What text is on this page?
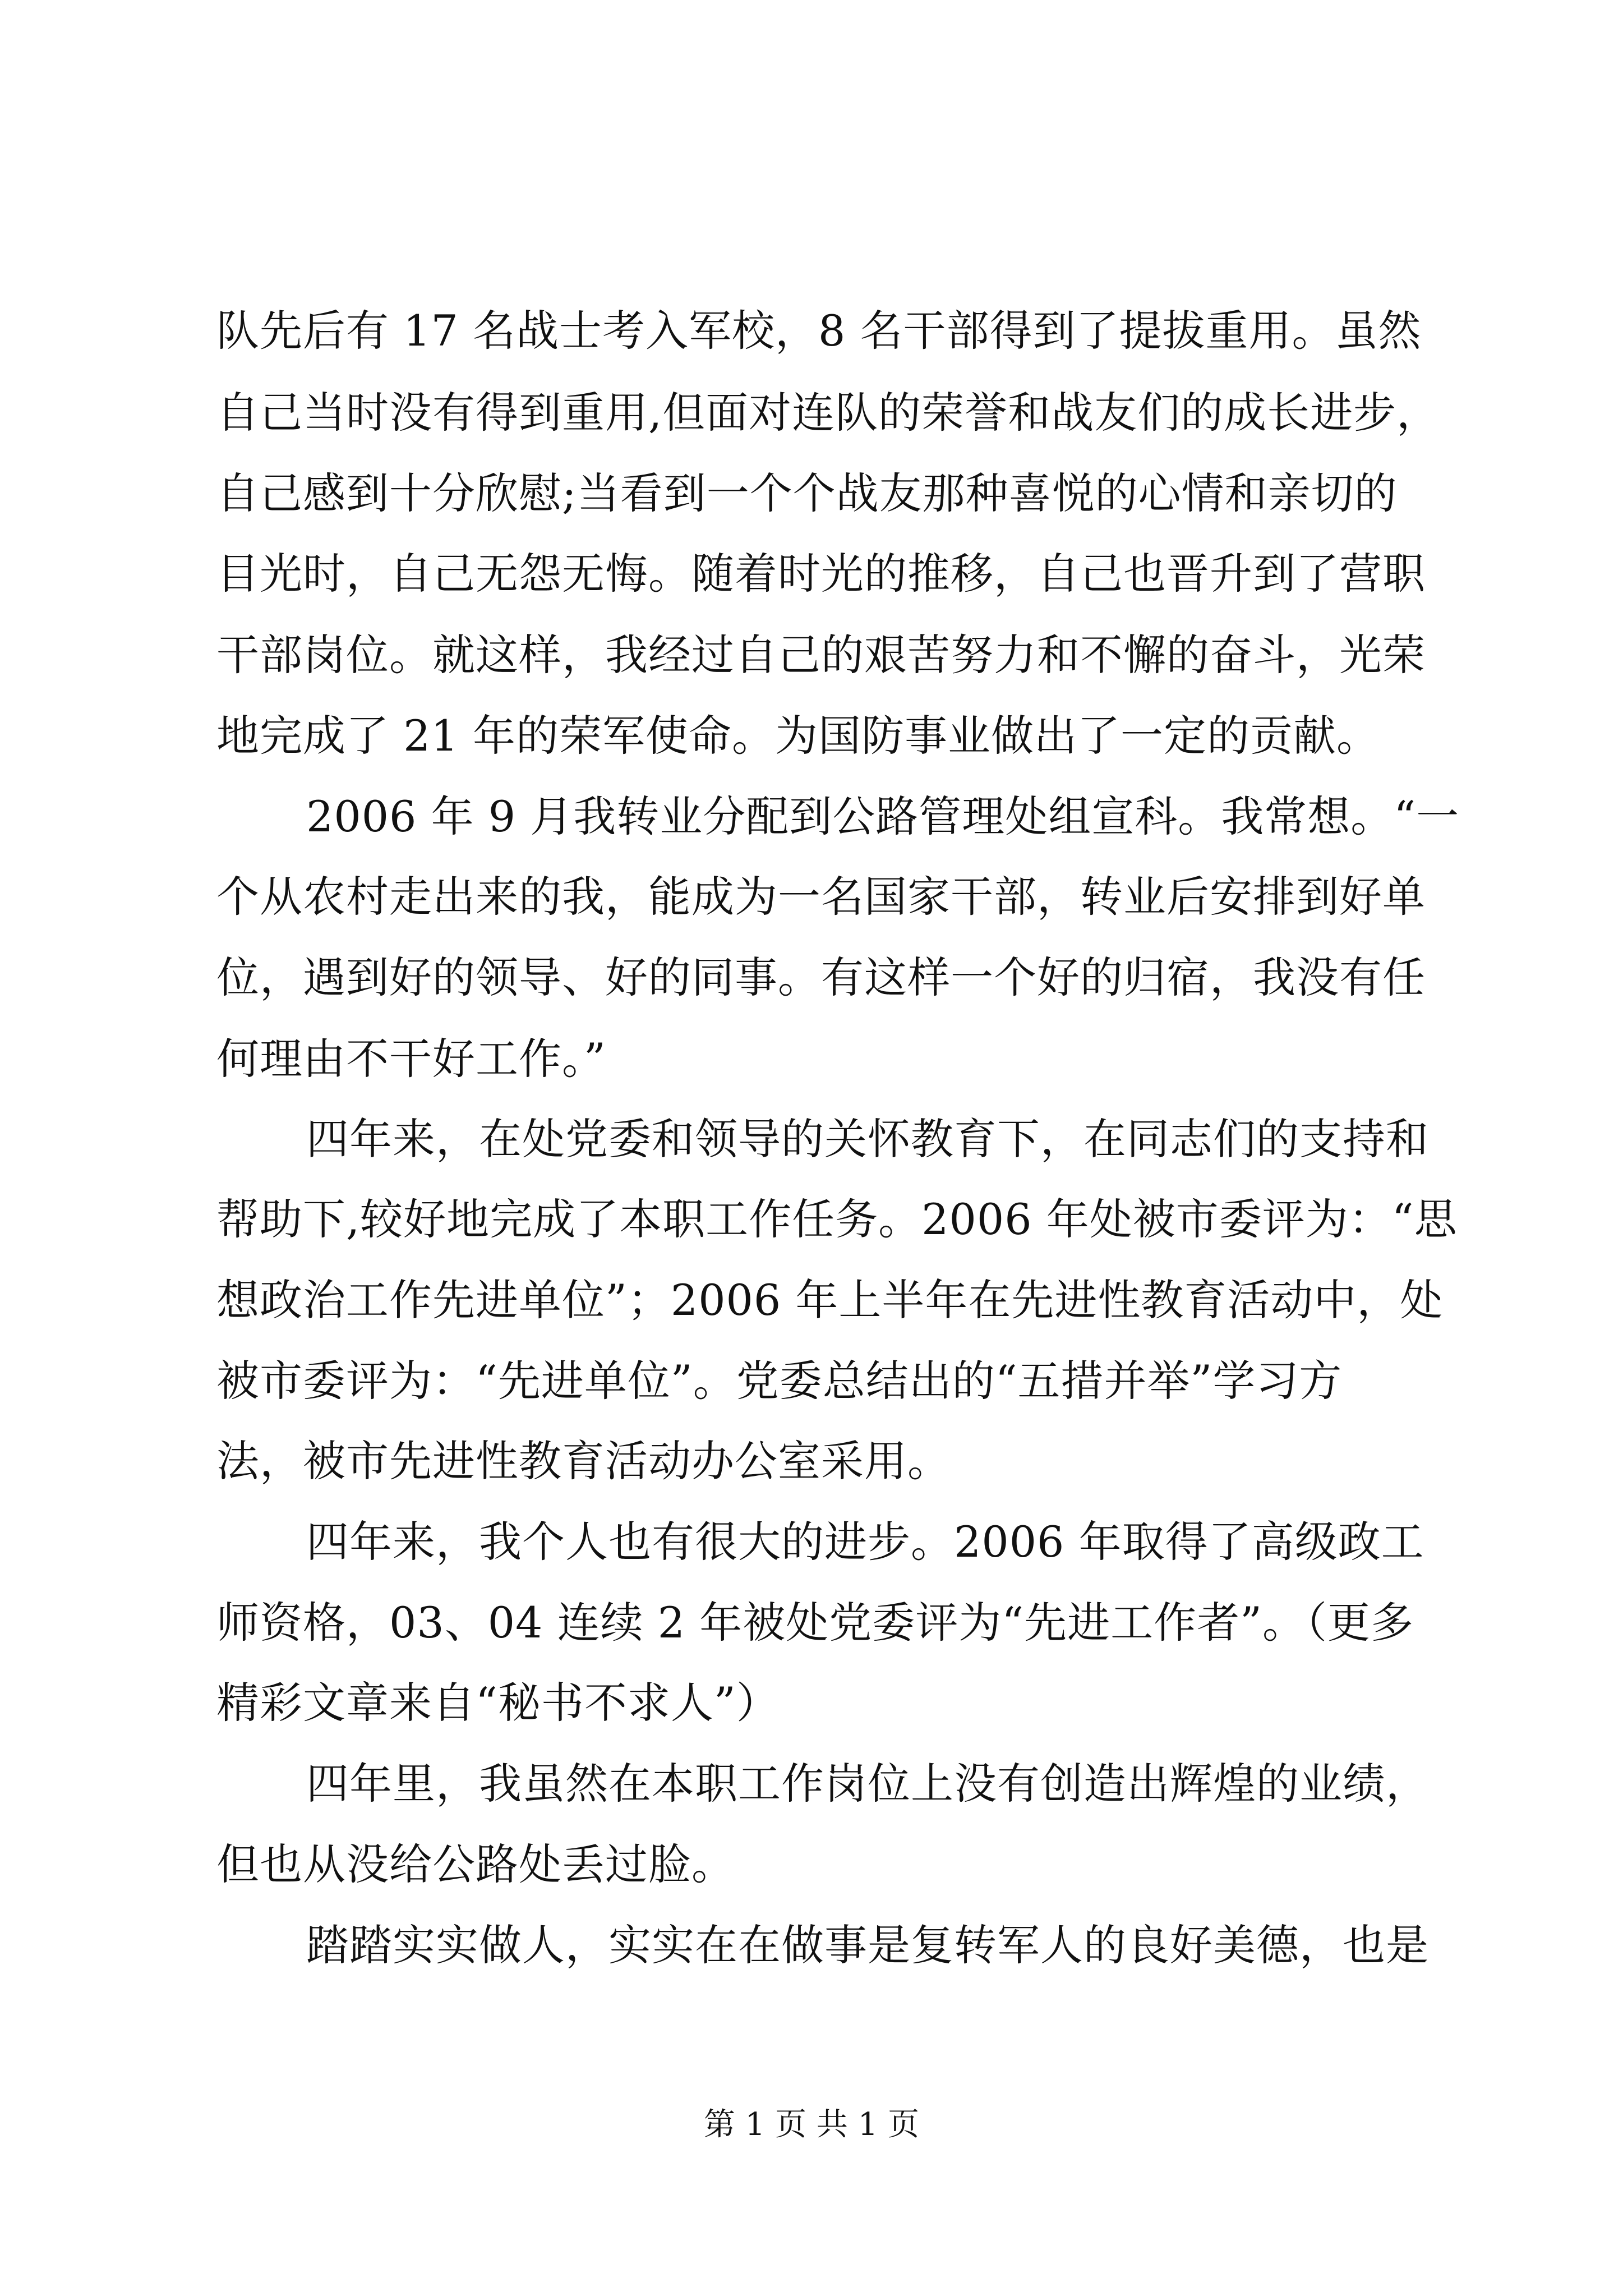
队先后有 17 名战士考入军校，8 名干部得到了提拔重用。虽然
自己当时没有得到重用,但面对连队的荣誉和战友们的成长进步，
自己感到十分欣慰;当看到一个个战友那种喜悦的心情和亲切的
目光时，自己无怨无悔。随着时光的推移，自己也晋升到了营职
干部岗位。就这样，我经过自己的艰苦努力和不懈的奋斗，光荣
地完成了 21 年的荣军使命。为国防事业做出了一定的贡献。
2006 年 9 月我转业分配到公路管理处组宣科。我常想。“一
个从农村走出来的我，能成为一名国家干部，转业后安排到好单
位，遇到好的领导、好的同事。有这样一个好的归宿，我没有任
何理由不干好工作。”
四年来，在处党委和领导的关怀教育下，在同志们的支持和
帮助下,较好地完成了本职工作任务。2006 年处被市委评为：“思
想政治工作先进单位”；2006 年上半年在先进性教育活动中，处
被市委评为：“先进单位”。党委总结出的“五措并举”学习方
法，被市先进性教育活动办公室采用。
四年来，我个人也有很大的进步。2006 年取得了高级政工
师资格，03、04 连续 2 年被处党委评为“先进工作者”。（更多
精彩文章来自“秘书不求人”）
四年里，我虽然在本职工作岗位上没有创造出辉煌的业绩，
但也从没给公路处丢过脸。
踏踏实实做人，实实在在做事是复转军人的良好美德，也是
第 1 页 共 1 页
